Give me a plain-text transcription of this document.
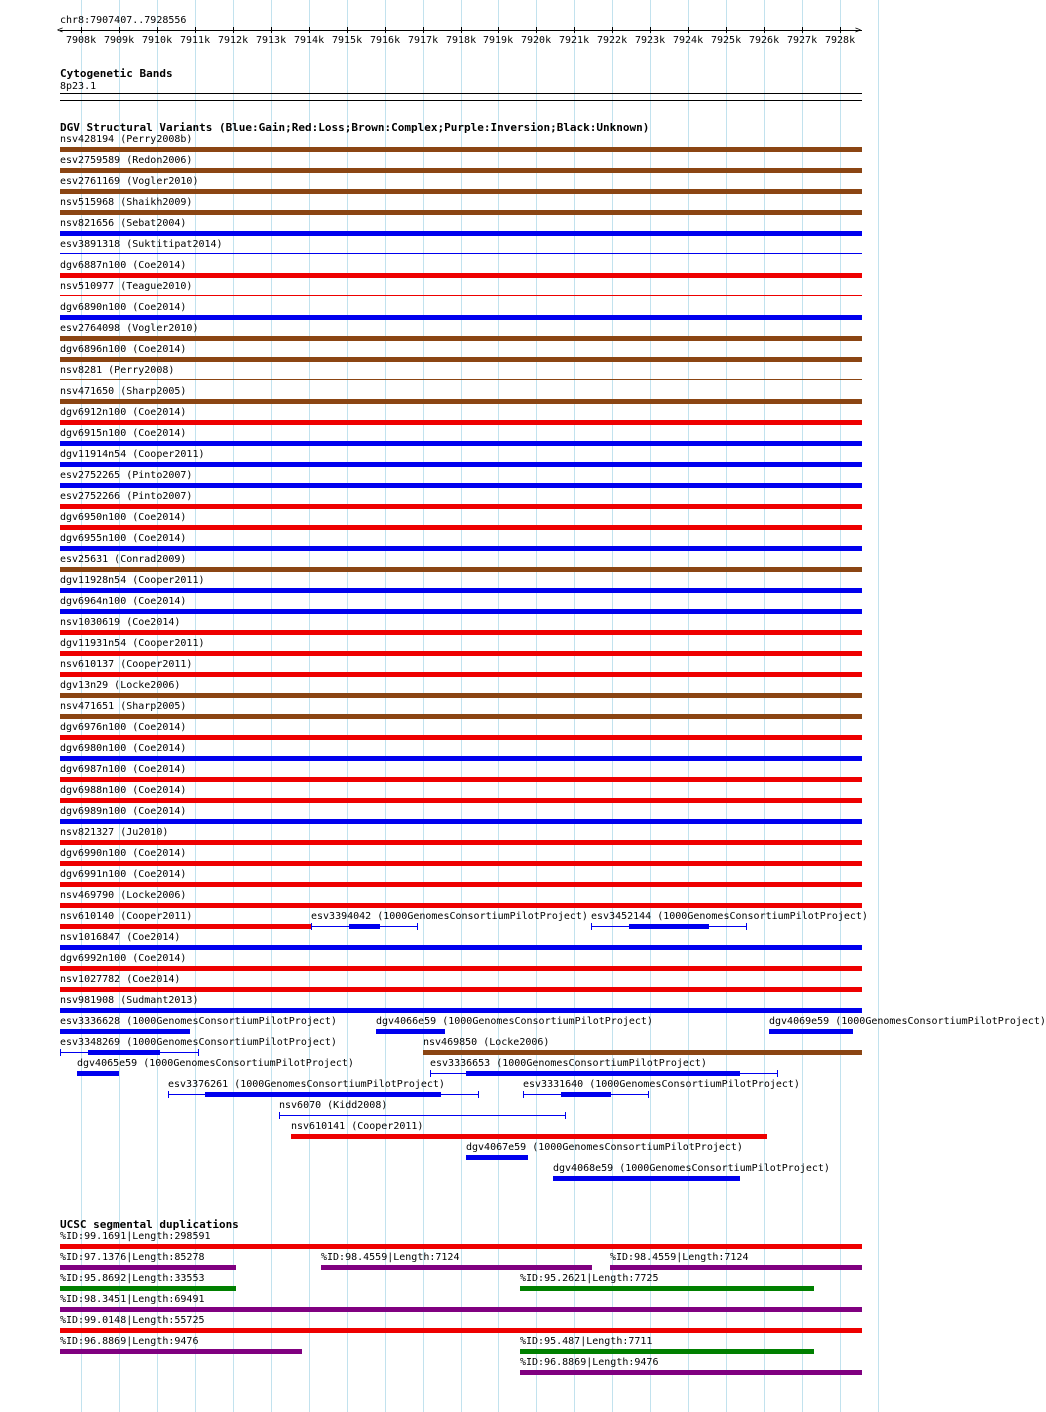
chr8:7907407..7928556
<	>
7908k 7909k 7910k 7911k 7912k 7913k 7914k 7915k 7916k 7917k 7918k 7919k 7920k 7921k 7922k 7923k 7924k 7925k 7926k 7927k 7928k
Cytogenetic Bands
8p23.1
DGV Structural Variants (Blue:Gain;Red:Loss;Brown:Complex;Purple:Inversion;Black:Unknown)
nsv428194 (Perry2008b)
esv2759589 (Redon2006)
esv2761169 (Vogler2010)
nsv515968 (Shaikh2009)
nsv821656 (Sebat2004)
esv3891318 (Suktitipat2014)
dgv6887n100 (Coe2014)
nsv510977 (Teague2010)
dgv6890n100 (Coe2014)
esv2764098 (Vogler2010)
dgv6896n100 (Coe2014)
nsv8281 (Perry2008)
nsv471650 (Sharp2005)
dgv6912n100 (Coe2014)
dgv6915n100 (Coe2014)
dgv11914n54 (Cooper2011)
esv2752265 (Pinto2007)
esv2752266 (Pinto2007)
dgv6950n100 (Coe2014)
dgv6955n100 (Coe2014)
esv25631 (Conrad2009)
dgv11928n54 (Cooper2011)
dgv6964n100 (Coe2014)
nsv1030619 (Coe2014)
dgv11931n54 (Cooper2011)
nsv610137 (Cooper2011)
dgv13n29 (Locke2006)
nsv471651 (Sharp2005)
dgv6976n100 (Coe2014)
dgv6980n100 (Coe2014)
dgv6987n100 (Coe2014)
dgv6988n100 (Coe2014)
dgv6989n100 (Coe2014)
nsv821327 (Ju2010)
dgv6990n100 (Coe2014)
dgv6991n100 (Coe2014)
nsv469790 (Locke2006)
nsv610140 (Cooper2011)	esv3394042 (1000GenomesConsortiumPilotProject) esv3452144 (1000GenomesConsortiumPilotProject)
nsv1016847 (Coe2014)
dgv6992n100 (Coe2014)
nsv1027782 (Coe2014)
nsv981908 (Sudmant2013)
esv3336628 (1000GenomesConsortiumPilotProject)	dgv4066e59 (1000GenomesConsortiumPilotProject)	dgv4069e59 (1000GenomesConsortiumPilotProject)
esv3348269 (1000GenomesConsortiumPilotProject)	nsv469850 (Locke2006)
dgv4065e59 (1000GenomesConsortiumPilotProject)	esv3336653 (1000GenomesConsortiumPilotProject)
esv3376261 (1000GenomesConsortiumPilotProject)	esv3331640 (1000GenomesConsortiumPilotProject)
nsv6070 (Kidd2008)
nsv610141 (Cooper2011)
dgv4067e59 (1000GenomesConsortiumPilotProject)
dgv4068e59 (1000GenomesConsortiumPilotProject)
UCSC segmental duplications
%ID:99.1691|Length:298591
%ID:97.1376|Length:85278	%ID:98.4559|Length:7124	%ID:98.4559|Length:7124
%ID:95.8692|Length:33553	%ID:95.2621|Length:7725
%ID:98.3451|Length:69491
%ID:99.0148|Length:55725
%ID:96.8869|Length:9476	%ID:95.487|Length:7711
%ID:96.8869|Length:9476
